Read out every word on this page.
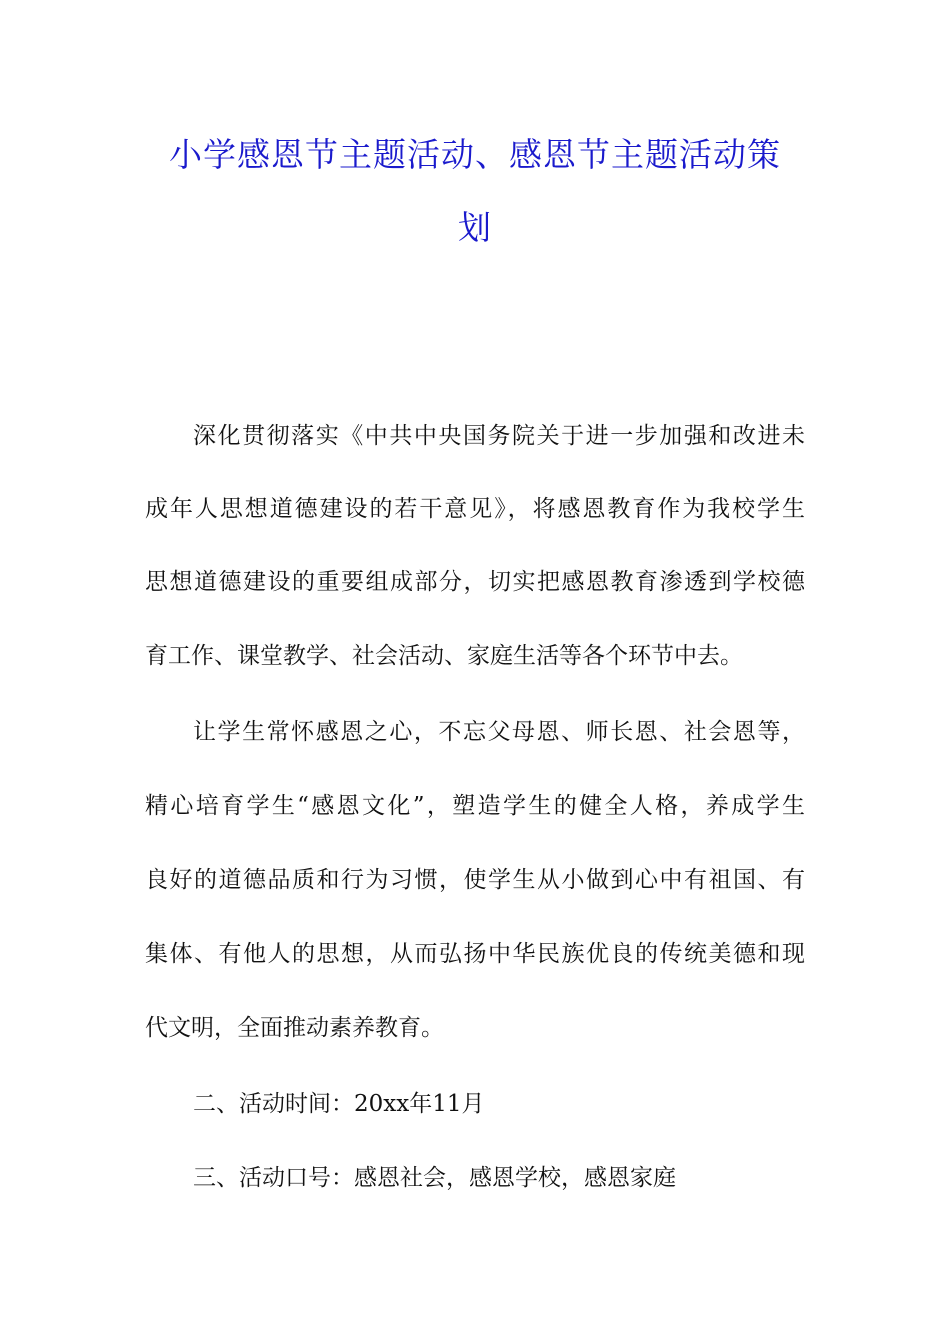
小学感恩节主题活动、感恩节主题活动策
划
深化贯彻落实《中共中央国务院关于进一步加强和改进未
成年人思想道德建设的若干意见》，将感恩教育作为我校学生
思想道德建设的重要组成部分，切实把感恩教育渗透到学校德
育工作、课堂教学、社会活动、家庭生活等各个环节中去。
让学生常怀感恩之心，不忘父母恩、师长恩、社会恩等，
精心培育学生“感恩文化”，塑造学生的健全人格，养成学生
良好的道德品质和行为习惯，使学生从小做到心中有祖国、有
集体、有他人的思想，从而弘扬中华民族优良的传统美德和现
代文明，全面推动素养教育。
二、活动时间：20xx年11月
三、活动口号：感恩社会，感恩学校，感恩家庭
